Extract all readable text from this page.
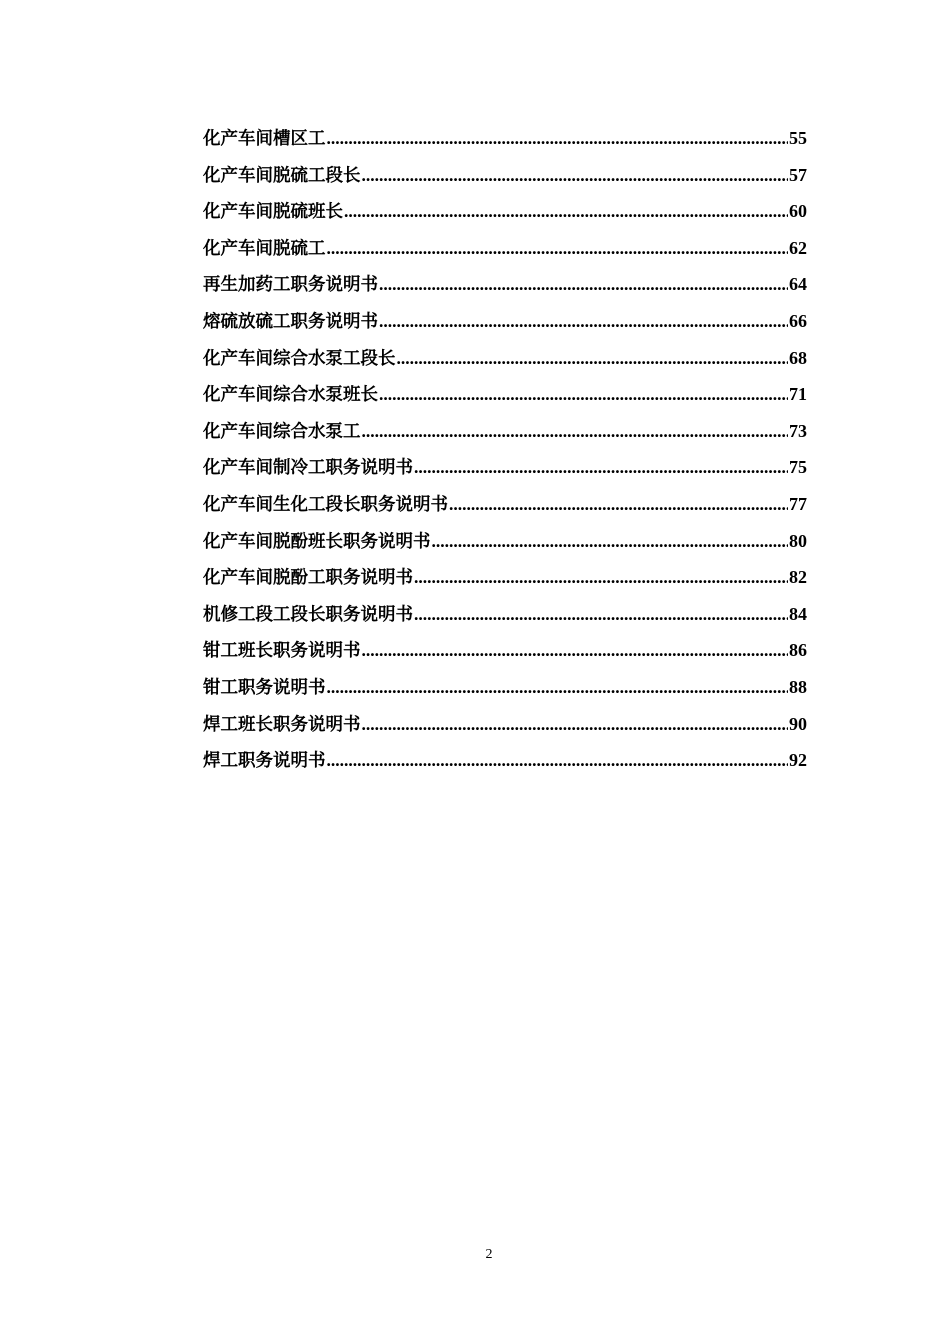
化产车间槽区工 .....	55
化产车间脱硫工段长 .....	57
化产车间脱硫班长 .....	60
化产车间脱硫工 .....	62
再生加药工职务说明书 .....	64
熔硫放硫工职务说明书 .....	66
化产车间综合水泵工段长 .....	68
化产车间综合水泵班长 .....	71
化产车间综合水泵工 .....	73
化产车间制冷工职务说明书 .....	75
化产车间生化工段长职务说明书 .....	77
化产车间脱酚班长职务说明书 .....	80
化产车间脱酚工职务说明书 .....	82
机修工段工段长职务说明书 .....	84
钳工班长职务说明书 .....	86
钳工职务说明书 .....	88
焊工班长职务说明书 .....	90
焊工职务说明书 .....	92
2
